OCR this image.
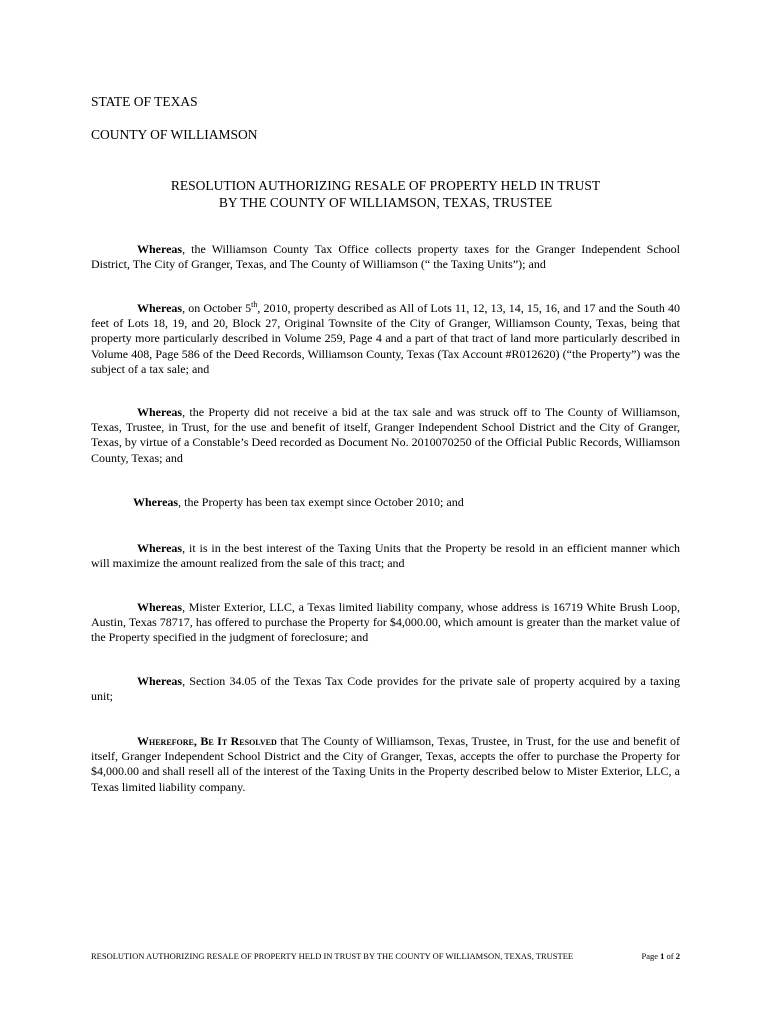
STATE OF TEXAS
COUNTY OF WILLIAMSON
RESOLUTION AUTHORIZING RESALE OF PROPERTY HELD IN TRUST
BY THE COUNTY OF WILLIAMSON, TEXAS, TRUSTEE

Whereas, the Williamson County Tax Office collects property taxes for the Granger Independent School District, The City of Granger, Texas, and The County of Williamson (“ the Taxing Units”); and

Whereas, on October 5th, 2010, property described as All of Lots 11, 12, 13, 14, 15, 16, and 17 and the South 40 feet of Lots 18, 19, and 20, Block 27, Original Townsite of the City of Granger, Williamson County, Texas, being that property more particularly described in Volume 259, Page 4 and a part of that tract of land more particularly described in Volume 408, Page 586 of the Deed Records, Williamson County, Texas (Tax Account #R012620) (“the Property”) was the subject of a tax sale; and

Whereas, the Property did not receive a bid at the tax sale and was struck off to The County of Williamson, Texas, Trustee, in Trust, for the use and benefit of itself, Granger Independent School District and the City of Granger, Texas, by virtue of a Constable’s Deed recorded as Document No. 2010070250 of the Official Public Records, Williamson County, Texas; and

Whereas, the Property has been tax exempt since October 2010; and

Whereas, it is in the best interest of the Taxing Units that the Property be resold in an efficient manner which will maximize the amount realized from the sale of this tract; and

Whereas, Mister Exterior, LLC, a Texas limited liability company, whose address is 16719 White Brush Loop, Austin, Texas 78717, has offered to purchase the Property for $4,000.00, which amount is greater than the market value of the Property specified in the judgment of foreclosure; and

Whereas, Section 34.05 of the Texas Tax Code provides for the private sale of property acquired by a taxing unit;

Wherefore, Be It Resolved that The County of Williamson, Texas, Trustee, in Trust, for the use and benefit of itself, Granger Independent School District and the City of Granger, Texas, accepts the offer to purchase the Property for $4,000.00 and shall resell all of the interest of the Taxing Units in the Property described below to Mister Exterior, LLC, a Texas limited liability company.

RESOLUTION AUTHORIZING RESALE OF PROPERTY HELD IN TRUST BY THE COUNTY OF WILLIAMSON, TEXAS, TRUSTEE	Page 1 of 2
